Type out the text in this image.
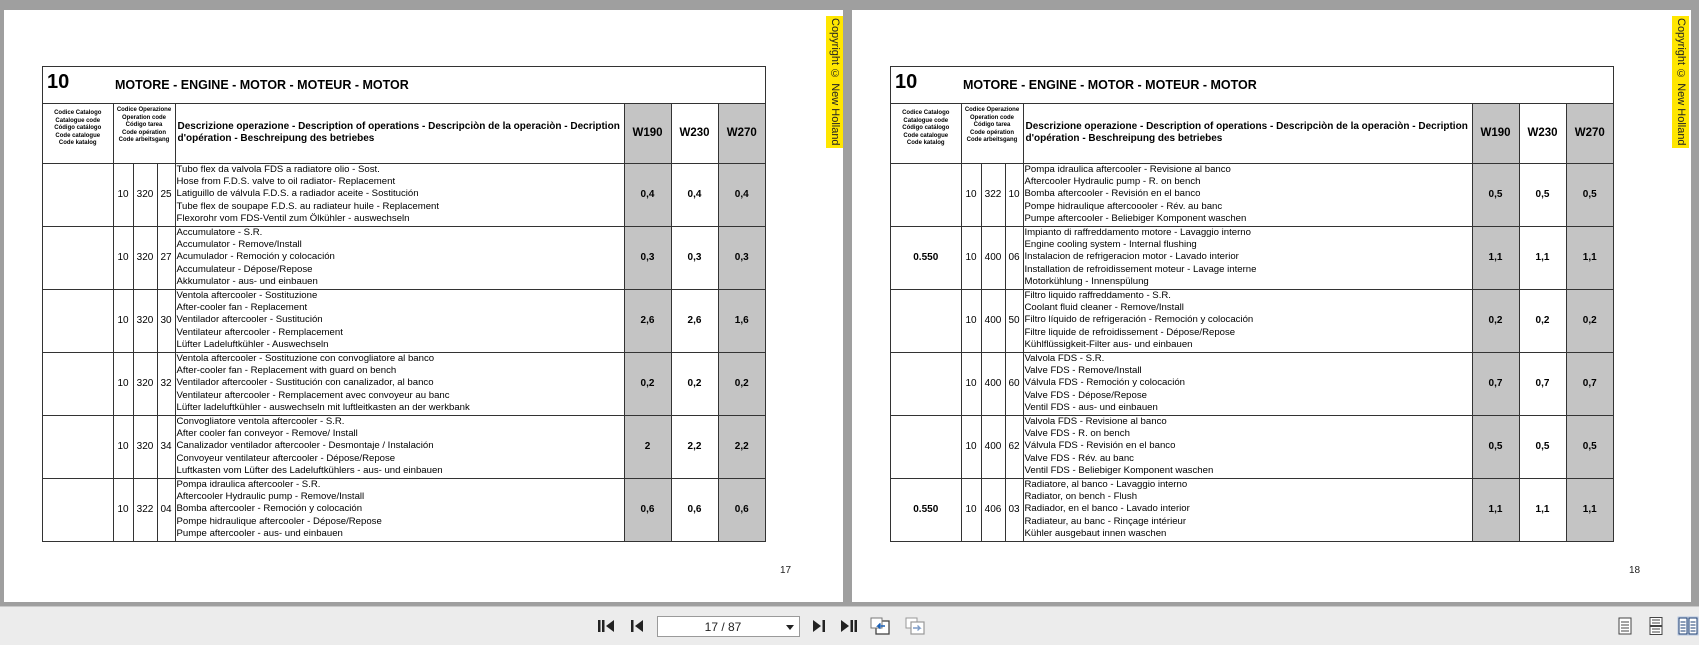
Copyright © New Holland
10	MOTORE - ENGINE - MOTOR - MOTEUR - MOTOR
Codice Catalogo
Catalogue code
Código catálogo
Code catalogue
Code katalog	Codice Operazione
Operation code
Código tarea
Code opération
Code arbeitsgang			Descrizione operazione - Description of operations - Descripciòn de la operaciòn - Decription d'opération - Beschreipung des betriebes	W190	W230	W270
	10	320	25	Tubo flex da valvola FDS a radiatore olio - Sost.
Hose from F.D.S. valve to oil radiator- Replacement
Latiguillo de válvula F.D.S. a radiador aceite - Sostitución
Tube flex de soupape F.D.S. au radiateur huile - Replacement
Flexorohr vom FDS-Ventil zum Ölkühler - auswechseln	0,4	0,4	0,4
	10	320	27	Accumulatore - S.R.
Accumulator - Remove/Install
Acumulador - Remoción y colocación
Accumulateur - Dépose/Repose
Akkumulator - aus- und einbauen	0,3	0,3	0,3
	10	320	30	Ventola aftercooler - Sostituzione
After-cooler fan - Replacement
Ventilador aftercooler - Sustitución
Ventilateur aftercooler - Remplacement
Lüfter Ladeluftkühler - Auswechseln	2,6	2,6	1,6
	10	320	32	Ventola aftercooler - Sostituzione con convogliatore al banco
After-cooler fan - Replacement with guard on bench
Ventilador aftercooler - Sustitución con canalizador, al banco
Ventilateur aftercooler - Remplacement avec convoyeur au banc
Lüfter ladeluftkühler - auswechseln mit luftleitkasten an der werkbank	0,2	0,2	0,2
	10	320	34	Convogliatore ventola aftercooler - S.R.
After cooler fan conveyor - Remove/ Install
Canalizador ventilador aftercooler - Desmontaje / Instalación
Convoyeur ventilateur aftercooler - Dépose/Repose
Luftkasten vom Lüfter des Ladeluftkühlers - aus- und einbauen	2	2,2	2,2
	10	322	04	Pompa idraulica aftercooler - S.R.
Aftercooler Hydraulic pump - Remove/Install
Bomba aftercooler - Remoción y colocación
Pompe hidraulique aftercooler - Dépose/Repose
Pumpe aftercooler - aus- und einbauen	0,6	0,6	0,6
17
Copyright © New Holland
10	MOTORE - ENGINE - MOTOR - MOTEUR - MOTOR
Codice Catalogo
Catalogue code
Código catálogo
Code catalogue
Code katalog	Codice Operazione
Operation code
Código tarea
Code opération
Code arbeitsgang			Descrizione operazione - Description of operations - Descripciòn de la operaciòn - Decription d'opération - Beschreipung des betriebes	W190	W230	W270
	10	322	10	Pompa idraulica aftercooler - Revisione al banco
Aftercooler Hydraulic pump - R. on bench
Bomba aftercooler - Revisión en el banco
Pompe hidraulique aftercoooler - Rév. au banc
Pumpe aftercooler - Beliebiger Komponent waschen	0,5	0,5	0,5
0.550	10	400	06	Impianto di raffreddamento motore - Lavaggio interno
Engine cooling system - Internal flushing
Instalacion de refrigeracion motor - Lavado interior
Installation de refroidissement moteur - Lavage interne
Motorkühlung - Innenspülung	1,1	1,1	1,1
	10	400	50	Filtro liquido raffreddamento - S.R.
Coolant fluid cleaner - Remove/Install
Filtro líquido de refrigeración - Remoción y colocación
Filtre liquide de refroidissement - Dépose/Repose
Kühlflüssigkeit-Filter aus- und einbauen	0,2	0,2	0,2
	10	400	60	Valvola FDS - S.R.
Valve FDS - Remove/Install
Válvula FDS - Remoción y colocación
Valve FDS - Dépose/Repose
Ventil FDS - aus- und einbauen	0,7	0,7	0,7
	10	400	62	Valvola FDS - Revisione al banco
Valve FDS - R. on bench
Válvula FDS - Revisión en el banco
Valve FDS - Rév. au banc
Ventil FDS - Beliebiger Komponent waschen	0,5	0,5	0,5
0.550	10	406	03	Radiatore, al banco - Lavaggio interno
Radiator, on bench - Flush
Radiador, en el banco - Lavado interior
Radiateur, au banc - Rinçage intérieur
Kühler ausgebaut innen waschen	1,1	1,1	1,1
18
17 / 87
